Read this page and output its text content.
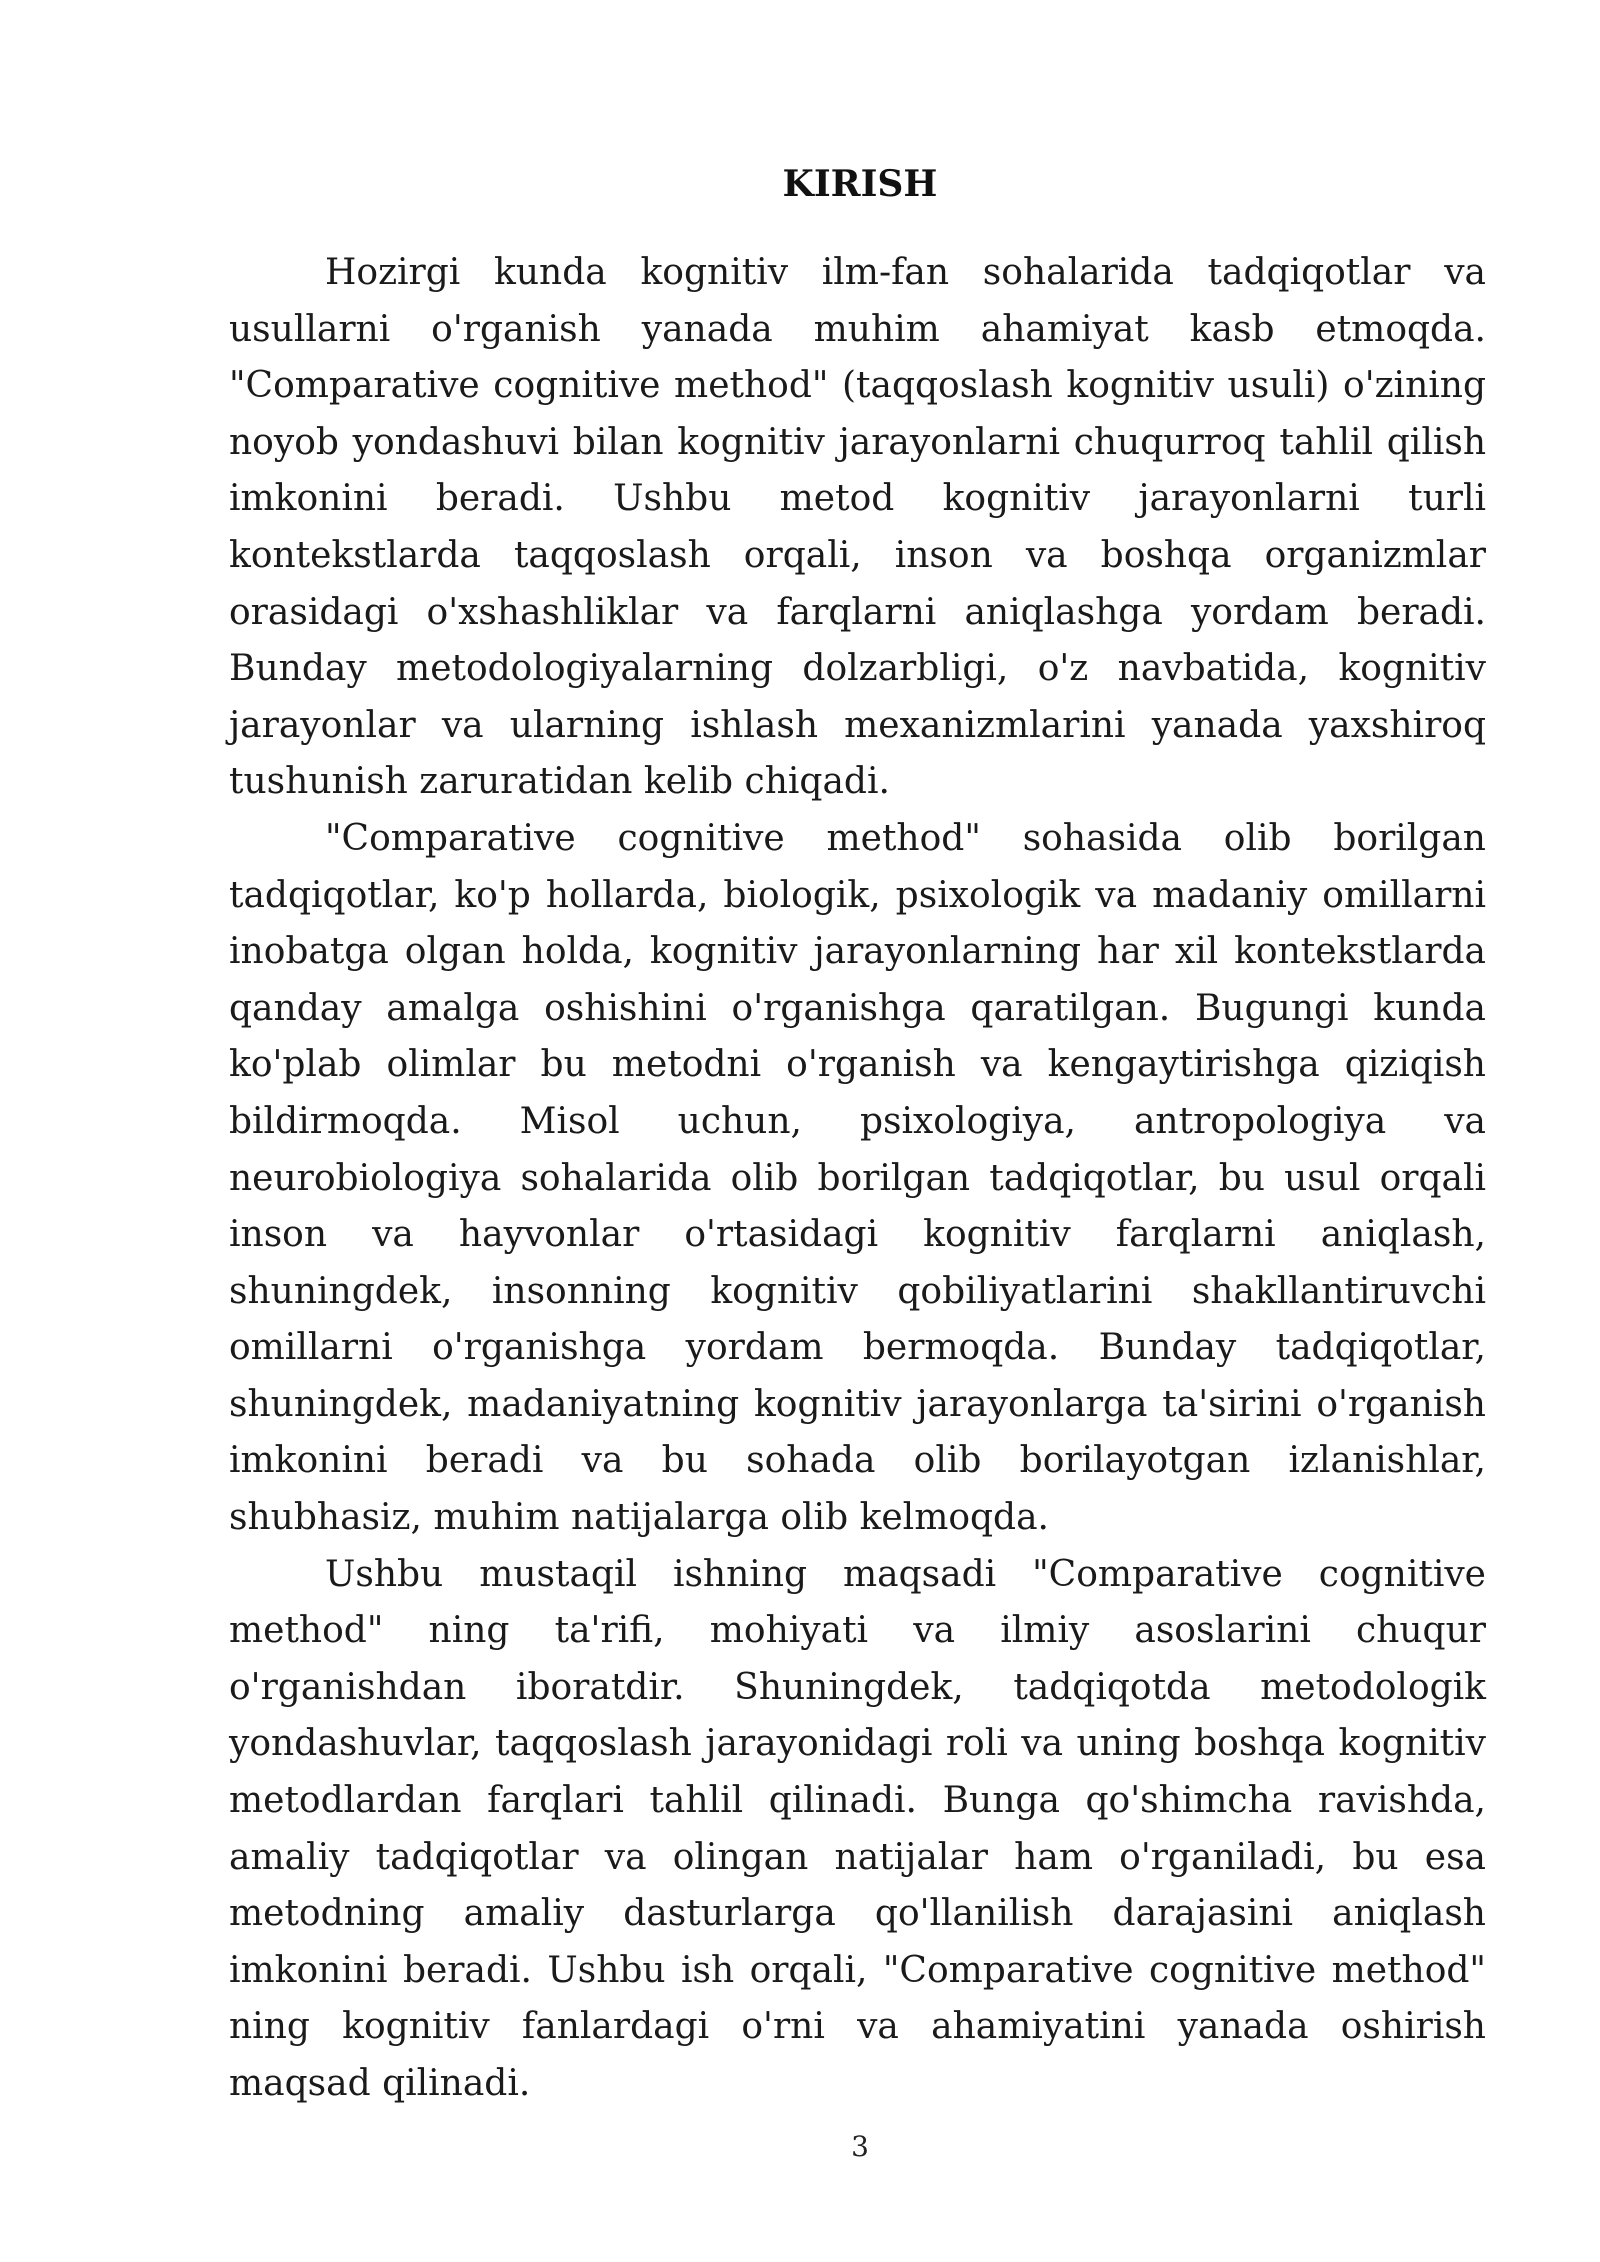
KIRISH

Hozirgi kunda kognitiv ilm-fan sohalarida tadqiqotlar va usullarni o'rganish yanada muhim ahamiyat kasb etmoqda. "Comparative cognitive method" (taqqoslash kognitiv usuli) o'zining noyob yondashuvi bilan kognitiv jarayonlarni chuqurroq tahlil qilish imkonini beradi. Ushbu metod kognitiv jarayonlarni turli kontekstlarda taqqoslash orqali, inson va boshqa organizmlar orasidagi o'xshashliklar va farqlarni aniqlashga yordam beradi. Bunday metodologiyalarning dolzarbligi, o'z navbatida, kognitiv jarayonlar va ularning ishlash mexanizmlarini yanada yaxshiroq tushunish zaruratidan kelib chiqadi.

"Comparative cognitive method" sohasida olib borilgan tadqiqotlar, ko'p hollarda, biologik, psixologik va madaniy omillarni inobatga olgan holda, kognitiv jarayonlarning har xil kontekstlarda qanday amalga oshishini o'rganishga qaratilgan. Bugungi kunda ko'plab olimlar bu metodni o'rganish va kengaytirishga qiziqish bildirmoqda. Misol uchun, psixologiya, antropologiya va neurobiologiya sohalarida olib borilgan tadqiqotlar, bu usul orqali inson va hayvonlar o'rtasidagi kognitiv farqlarni aniqlash, shuningdek, insonning kognitiv qobiliyatlarini shakllantiruvchi omillarni o'rganishga yordam bermoqda. Bunday tadqiqotlar, shuningdek, madaniyatning kognitiv jarayonlarga ta'sirini o'rganish imkonini beradi va bu sohada olib borilayotgan izlanishlar, shubhasiz, muhim natijalarga olib kelmoqda.

Ushbu mustaqil ishning maqsadi "Comparative cognitive method" ning ta'rifi, mohiyati va ilmiy asoslarini chuqur o'rganishdan iboratdir. Shuningdek, tadqiqotda metodologik yondashuvlar, taqqoslash jarayonidagi roli va uning boshqa kognitiv metodlardan farqlari tahlil qilinadi. Bunga qo'shimcha ravishda, amaliy tadqiqotlar va olingan natijalar ham o'rganiladi, bu esa metodning amaliy dasturlarga qo'llanilish darajasini aniqlash imkonini beradi. Ushbu ish orqali, "Comparative cognitive method" ning kognitiv fanlardagi o'rni va ahamiyatini yanada oshirish maqsad qilinadi.

3
